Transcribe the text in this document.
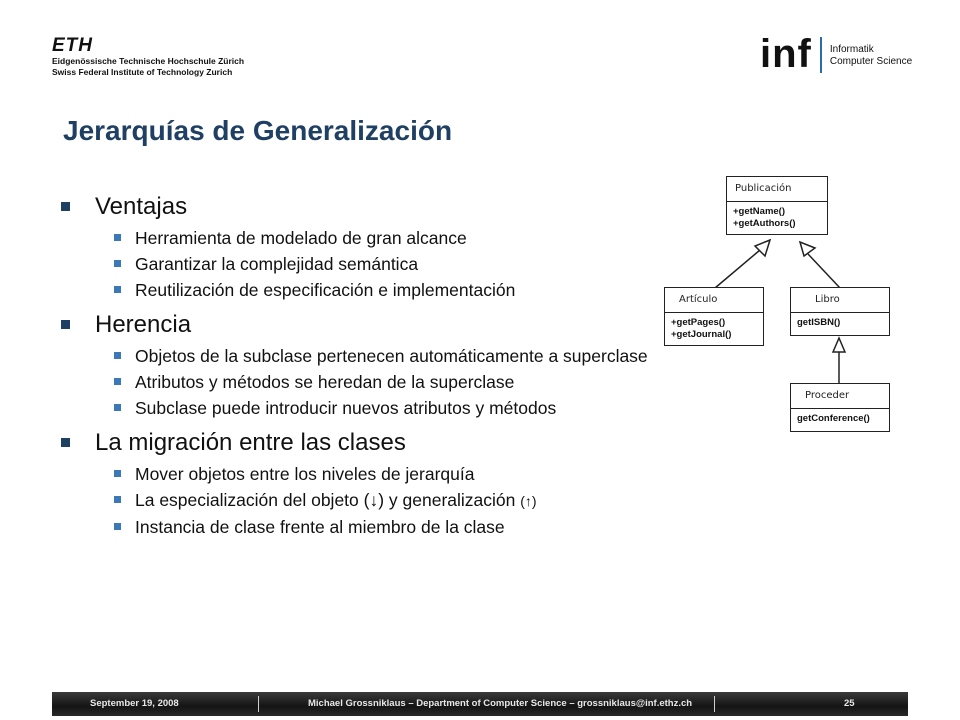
ETH
Eidgenössische Technische Hochschule Zürich
Swiss Federal Institute of Technology Zurich	inf Informatik
Computer Science
Jerarquías de Generalización
Ventajas
Herramienta de modelado de gran alcance
Garantizar la complejidad semántica
Reutilización de especificación e implementación
Herencia
Objetos de la subclase pertenecen automáticamente a superclase
Atributos y métodos se heredan de la superclase
Subclase puede introducir nuevos atributos y métodos
La migración entre las clases
Mover objetos entre los niveles de jerarquía
La especialización del objeto (↓) y generalización (↑)
Instancia de clase frente al miembro de la clase
Publicación
+getName()
+getAuthors()
Artículo
+getPages()
+getJournal()
Libro
getISBN()
Proceder
getConference()
September 19, 2008	Michael Grossniklaus – Department of Computer Science – grossniklaus@inf.ethz.ch	25
